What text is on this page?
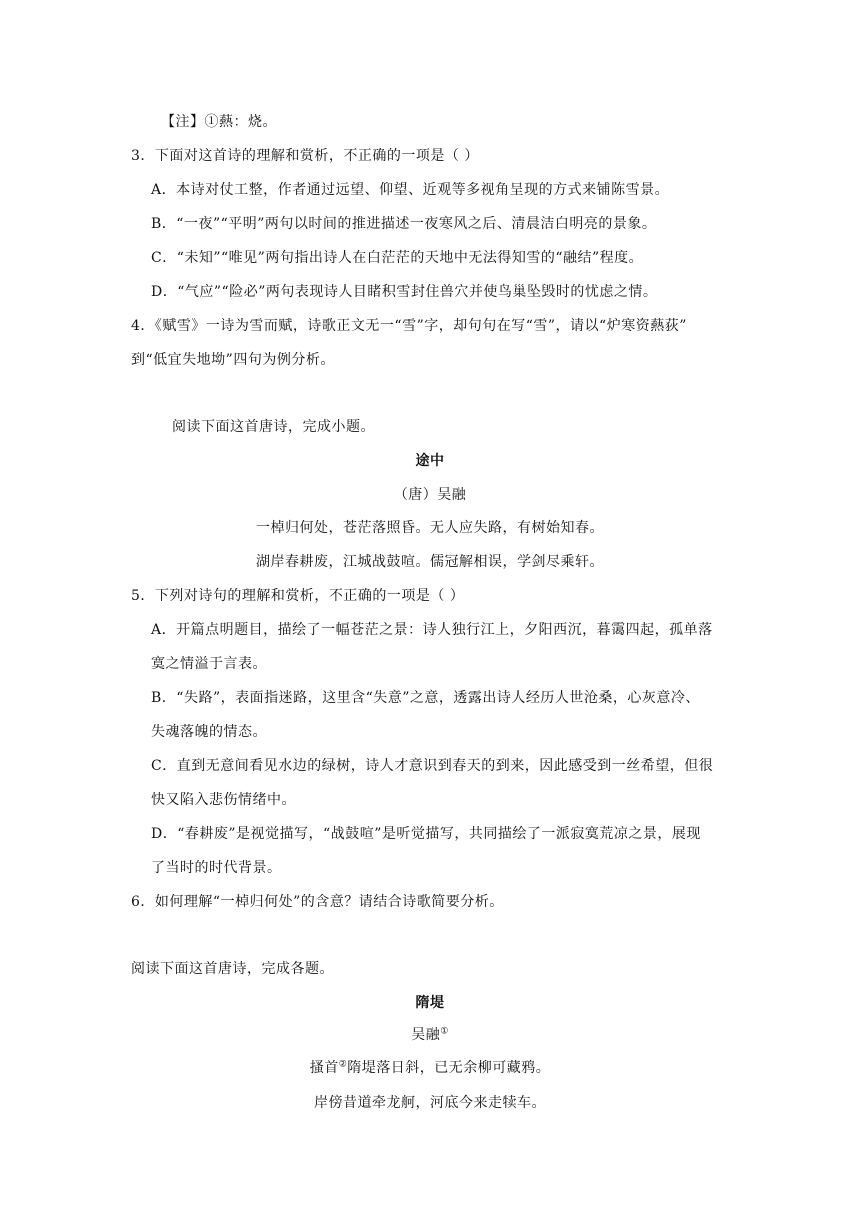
【注】①爇：烧。
3．下面对这首诗的理解和赏析，不正确的一项是（ ）
A．本诗对仗工整，作者通过远望、仰望、近观等多视角呈现的方式来铺陈雪景。
B．“一夜”“平明”两句以时间的推进描述一夜寒风之后、清晨洁白明亮的景象。
C．“未知”“唯见”两句指出诗人在白茫茫的天地中无法得知雪的“融结”程度。
D．“气应”“险必”两句表现诗人目睹积雪封住兽穴并使鸟巢坠毁时的忧虑之情。
4．《赋雪》一诗为雪而赋，诗歌正文无一“雪”字，却句句在写“雪”，请以“炉寒资爇荻”
到“低宜失地坳”四句为例分析。
阅读下面这首唐诗，完成小题。
途中
（唐）吴融
一棹归何处，苍茫落照昏。无人应失路，有树始知春。
湖岸春耕废，江城战鼓喧。儒冠解相误，学剑尽乘轩。
5．下列对诗句的理解和赏析，不正确的一项是（ ）
A．开篇点明题目，描绘了一幅苍茫之景：诗人独行江上，夕阳西沉，暮霭四起，孤单落
寞之情溢于言表。
B．“失路”，表面指迷路，这里含“失意”之意，透露出诗人经历人世沧桑，心灰意冷、
失魂落魄的情态。
C．直到无意间看见水边的绿树，诗人才意识到春天的到来，因此感受到一丝希望，但很
快又陷入悲伤情绪中。
D．“春耕废”是视觉描写，“战鼓喧”是听觉描写，共同描绘了一派寂寞荒凉之景，展现
了当时的时代背景。
6．如何理解“一棹归何处”的含意？请结合诗歌简要分析。
阅读下面这首唐诗，完成各题。
隋堤
吴融①
搔首②隋堤落日斜，已无余柳可藏鸦。
岸傍昔道牵龙舸，河底今来走犊车。
